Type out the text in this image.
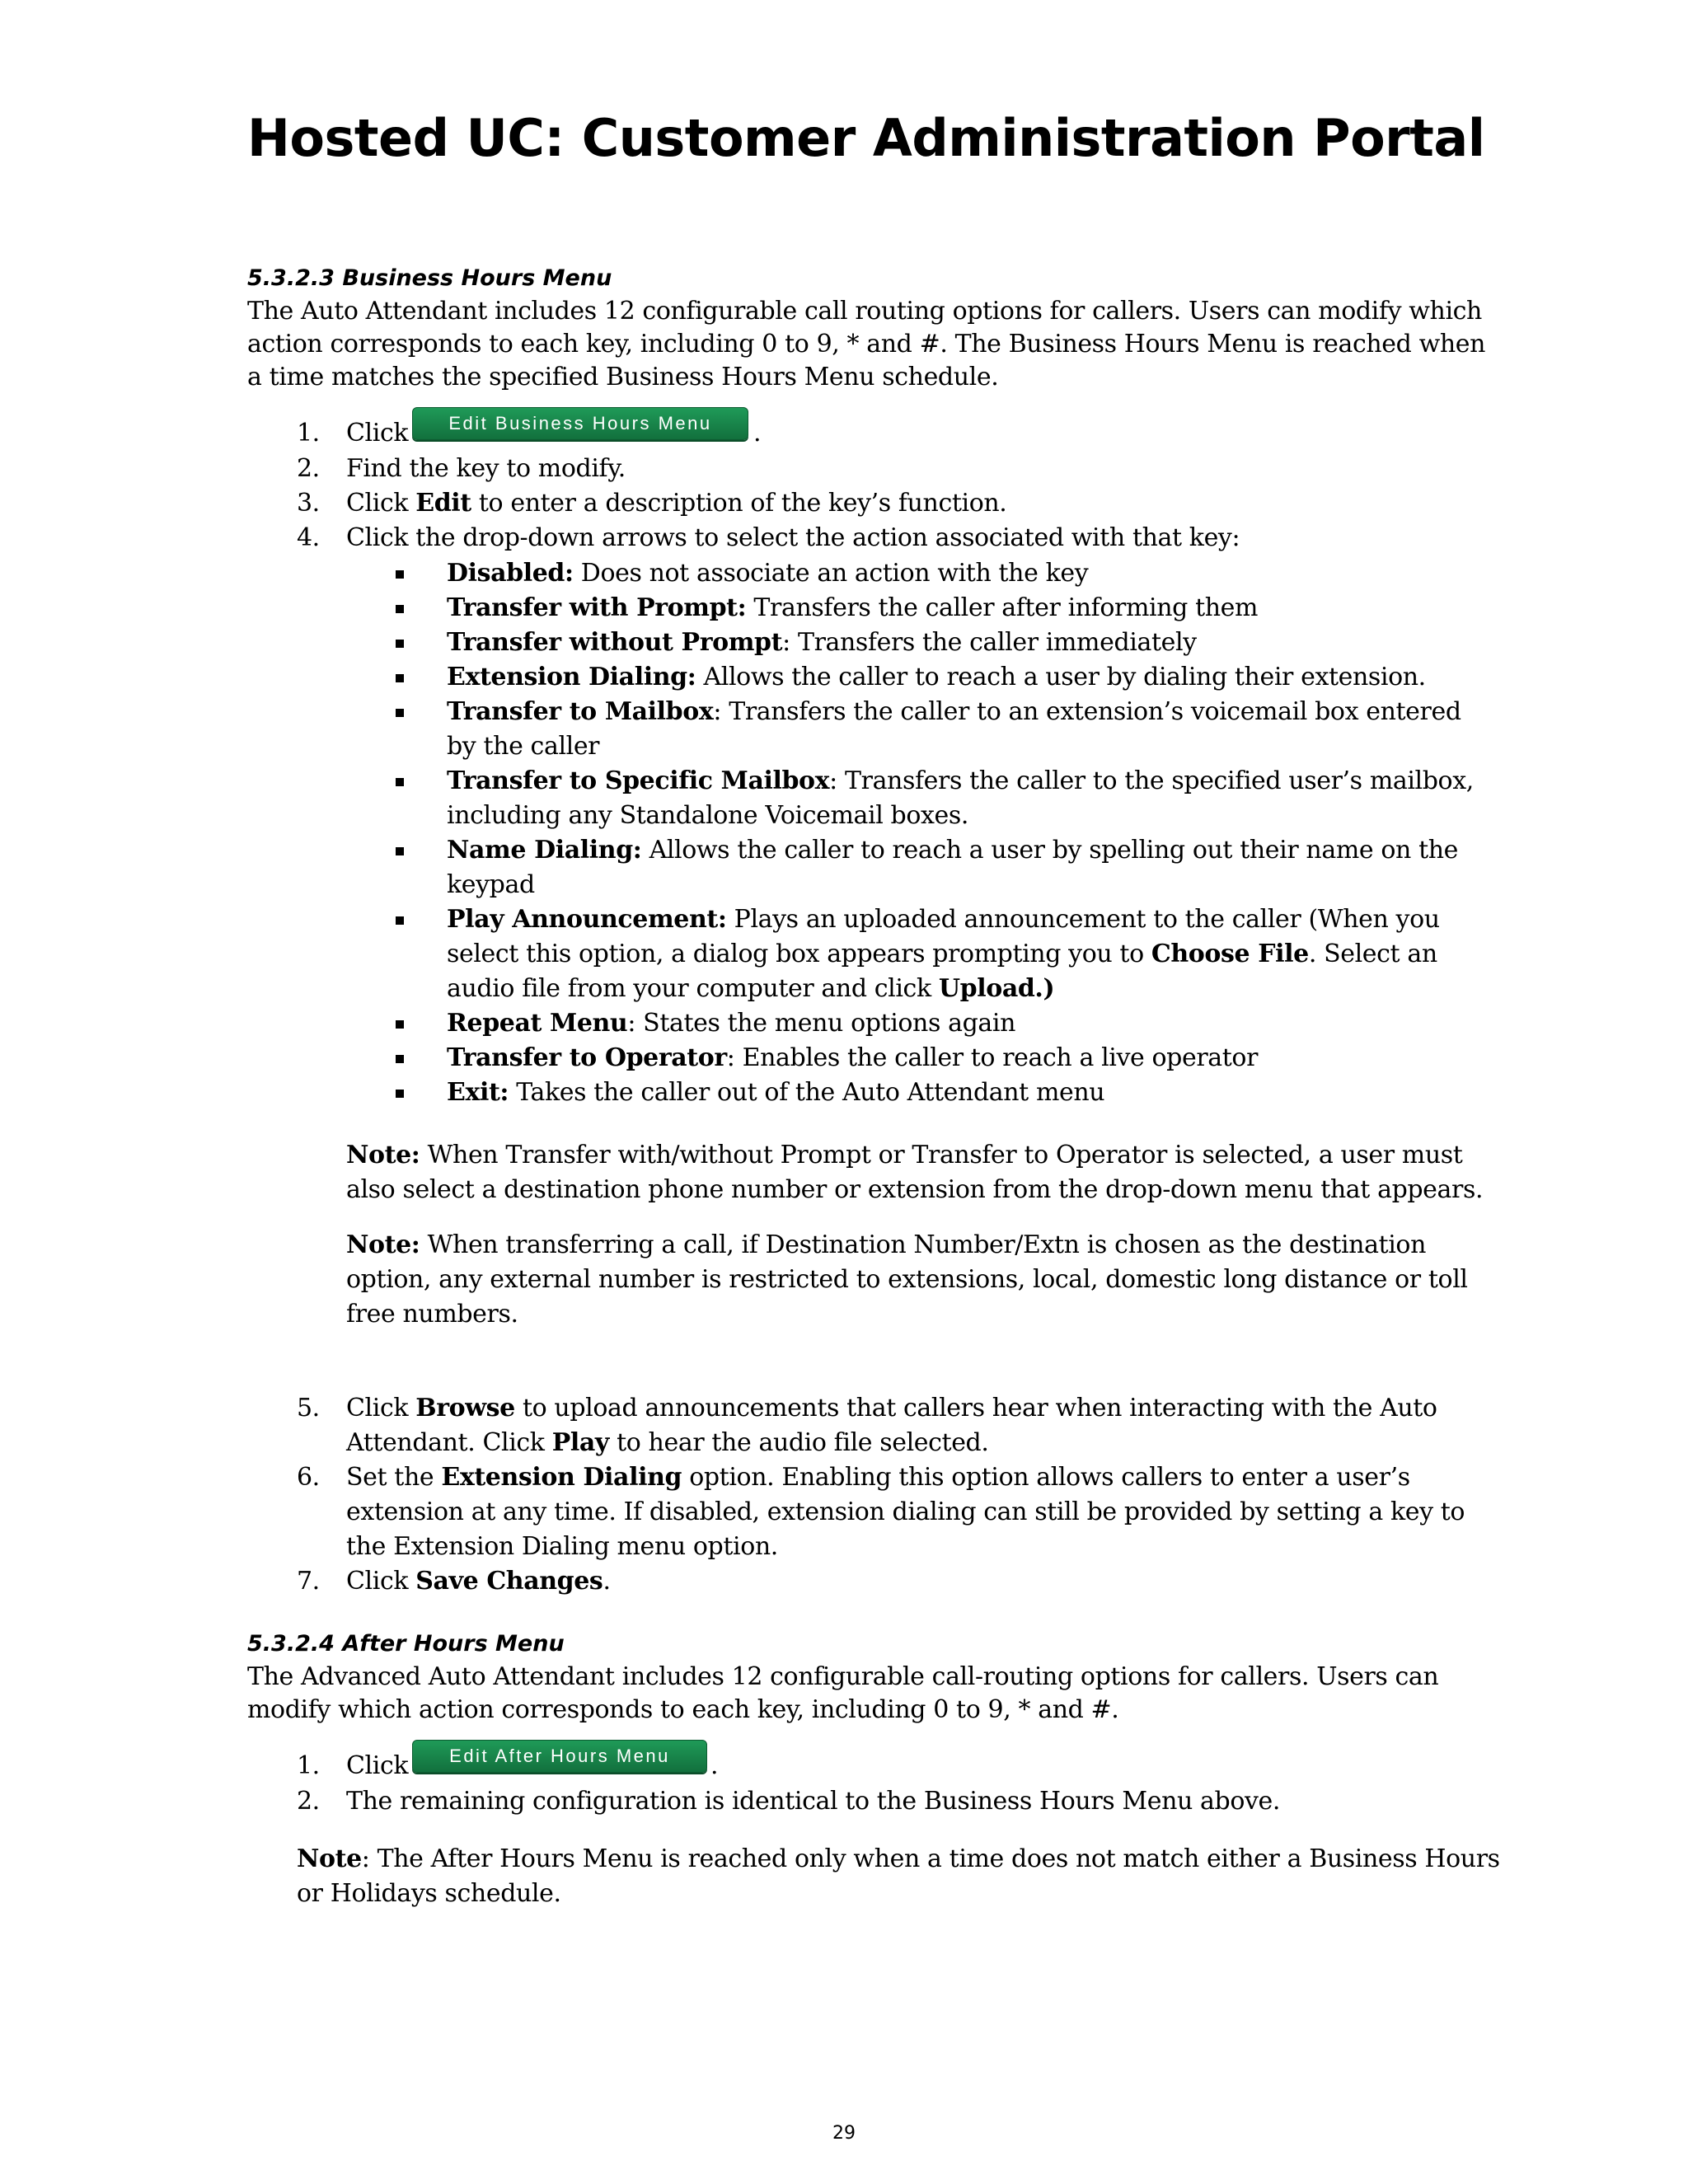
Hosted UC: Customer Administration Portal
5.3.2.3 Business Hours Menu

The Auto Attendant includes 12 configurable call routing options for callers. Users can modify which
action corresponds to each key, including 0 to 9, * and #. The Business Hours Menu is reached when
a time matches the specified Business Hours Menu schedule.

1.	Click	Edit Business Hours Menu	.
2.	Find the key to modify.
3.	Click Edit to enter a description of the key’s function.
4.	Click the drop-down arrows to select the action associated with that key:
Disabled: Does not associate an action with the key
Transfer with Prompt: Transfers the caller after informing them
Transfer without Prompt: Transfers the caller immediately
Extension Dialing: Allows the caller to reach a user by dialing their extension.
Transfer to Mailbox: Transfers the caller to an extension’s voicemail box entered
by the caller
Transfer to Specific Mailbox: Transfers the caller to the specified user’s mailbox,
including any Standalone Voicemail boxes.
Name Dialing: Allows the caller to reach a user by spelling out their name on the
keypad
Play Announcement: Plays an uploaded announcement to the caller (When you
select this option, a dialog box appears prompting you to Choose File. Select an
audio file from your computer and click Upload.)
Repeat Menu: States the menu options again
Transfer to Operator: Enables the caller to reach a live operator
Exit: Takes the caller out of the Auto Attendant menu
Note: When Transfer with/without Prompt or Transfer to Operator is selected, a user must
also select a destination phone number or extension from the drop-down menu that appears.
Note: When transferring a call, if Destination Number/Extn is chosen as the destination
option, any external number is restricted to extensions, local, domestic long distance or toll
free numbers.
5.	Click Browse to upload announcements that callers hear when interacting with the Auto
Attendant. Click Play to hear the audio file selected.
6.	Set the Extension Dialing option. Enabling this option allows callers to enter a user’s
extension at any time. If disabled, extension dialing can still be provided by setting a key to
the Extension Dialing menu option.
7.	Click Save Changes.
5.3.2.4 After Hours Menu

The Advanced Auto Attendant includes 12 configurable call-routing options for callers. Users can
modify which action corresponds to each key, including 0 to 9, * and #.

1.	Click	Edit After Hours Menu	.
2.	The remaining configuration is identical to the Business Hours Menu above.
Note: The After Hours Menu is reached only when a time does not match either a Business Hours
or Holidays schedule.
29
